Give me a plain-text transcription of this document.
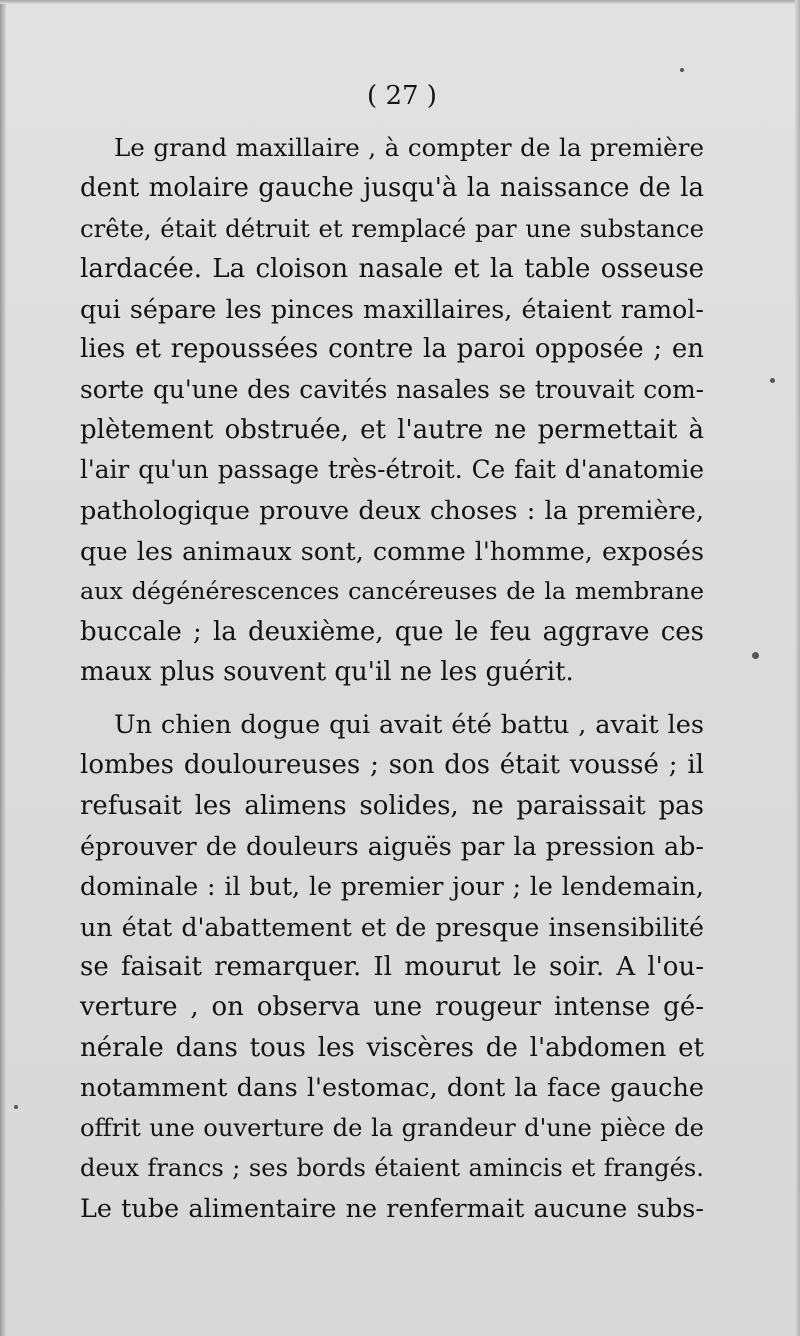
( 27 )
Le grand maxillaire , à compter de la première
dent molaire gauche jusqu'à la naissance de la
crête, était détruit et remplacé par une substance
lardacée. La cloison nasale et la table osseuse
qui sépare les pinces maxillaires, étaient ramol-
lies et repoussées contre la paroi opposée ; en
sorte qu'une des cavités nasales se trouvait com-
plètement obstruée, et l'autre ne permettait à
l'air qu'un passage très-étroit. Ce fait d'anatomie
pathologique prouve deux choses : la première,
que les animaux sont, comme l'homme, exposés
aux dégénérescences cancéreuses de la membrane
buccale ; la deuxième, que le feu aggrave ces
maux plus souvent qu'il ne les guérit.
Un chien dogue qui avait été battu , avait les
lombes douloureuses ; son dos était voussé ; il
refusait les alimens solides, ne paraissait pas
éprouver de douleurs aiguës par la pression ab-
dominale : il but, le premier jour ; le lendemain,
un état d'abattement et de presque insensibilité
se faisait remarquer. Il mourut le soir. A l'ou-
verture , on observa une rougeur intense gé-
nérale dans tous les viscères de l'abdomen et
notamment dans l'estomac, dont la face gauche
offrit une ouverture de la grandeur d'une pièce de
deux francs ; ses bords étaient amincis et frangés.
Le tube alimentaire ne renfermait aucune subs-
